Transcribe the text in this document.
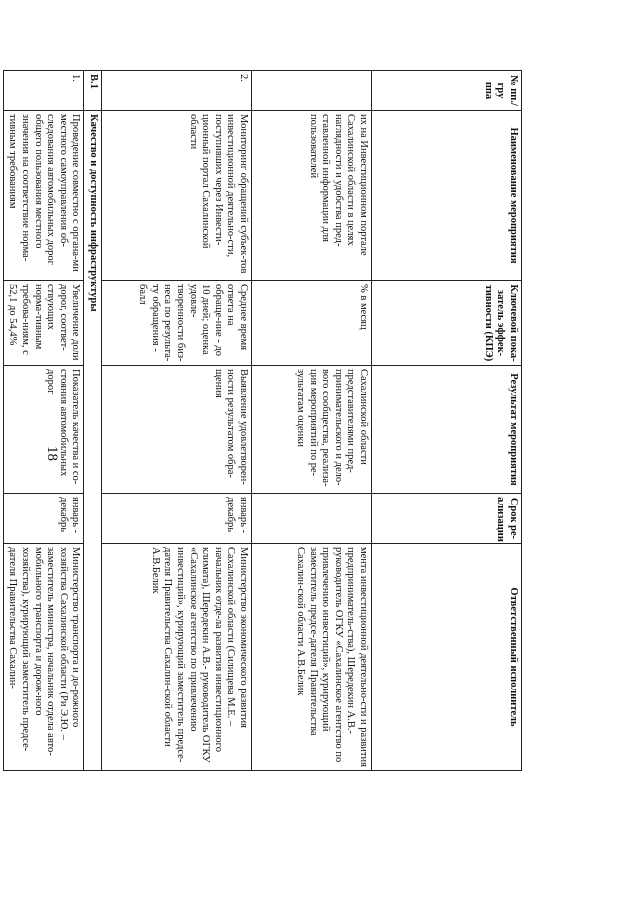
18
№ пп./ гру ппа	Наименование мероприятия	Ключевой пока-затель эффек-тивности (КПЭ)	Результат мероприятия	Срок ре-ализации	Ответственный исполнитель
	их на Инвестиционном портале Сахалинской области в целях наглядности и удобства пред-ставленной информации для пользователей	% в месяц	Сахалинской области представителями пред-принимательского и дело-вого сообщества, реализа-ция мероприятий по ре-зультатам оценки		мента инвестиционной деятельно-сти и развития предприниматель-ства), Шередекин А.В.- руководитель ОГКУ «Сахалинское агентство по привлечению инвестиций», курирующий заместитель предсе-дателя Правительства Сахалин-ской области А.В.Белик
2.	Мониторинг обращений субъек-тов инвестиционной деятельно-сти, поступивших через Инвести-ционный портал Сахалинской области	Среднее время ответа на обраще-ние - до 10 дней; оценка удовле-творенности биз-неса по результа-ту обращения - балл	Выявление удовлетворен-ности результатом обра-щения	январь - декабрь	Министерство экономического развития Сахалинской области (Силищева М.Е. – начальник отде-ла развития инвестиционного климата), Шередекин А.В.- руководитель ОГКУ «Сахалинское агентство по привлечению инвестиций», курирующий заместитель предсе-дателя Правительства Сахалин-ской области А.В.Белик
В.1	Качество и доступность инфраструктуры				
1.	Проведение совместно с органа-ми местного самоуправления об-следования автомобильных дорог общего пользования местного значения на соответствие норма-тивным требованиям	Увеличение доли дорог, соответ-ствующих норма-тивным требова-ниям, с 52,1 до 54,4%	Показатель качества и со-стояния автомобильных дорог	январь - декабрь	Министерство транспорта и до-рожного хозяйства Сахалинской области (Ри Э.Ю. – заместитель министра, начальник отдела авто-мобильного транспорта и дорож-ного хозяйства), курирующий заместитель предсе-дателя Правительства Сахалин-
